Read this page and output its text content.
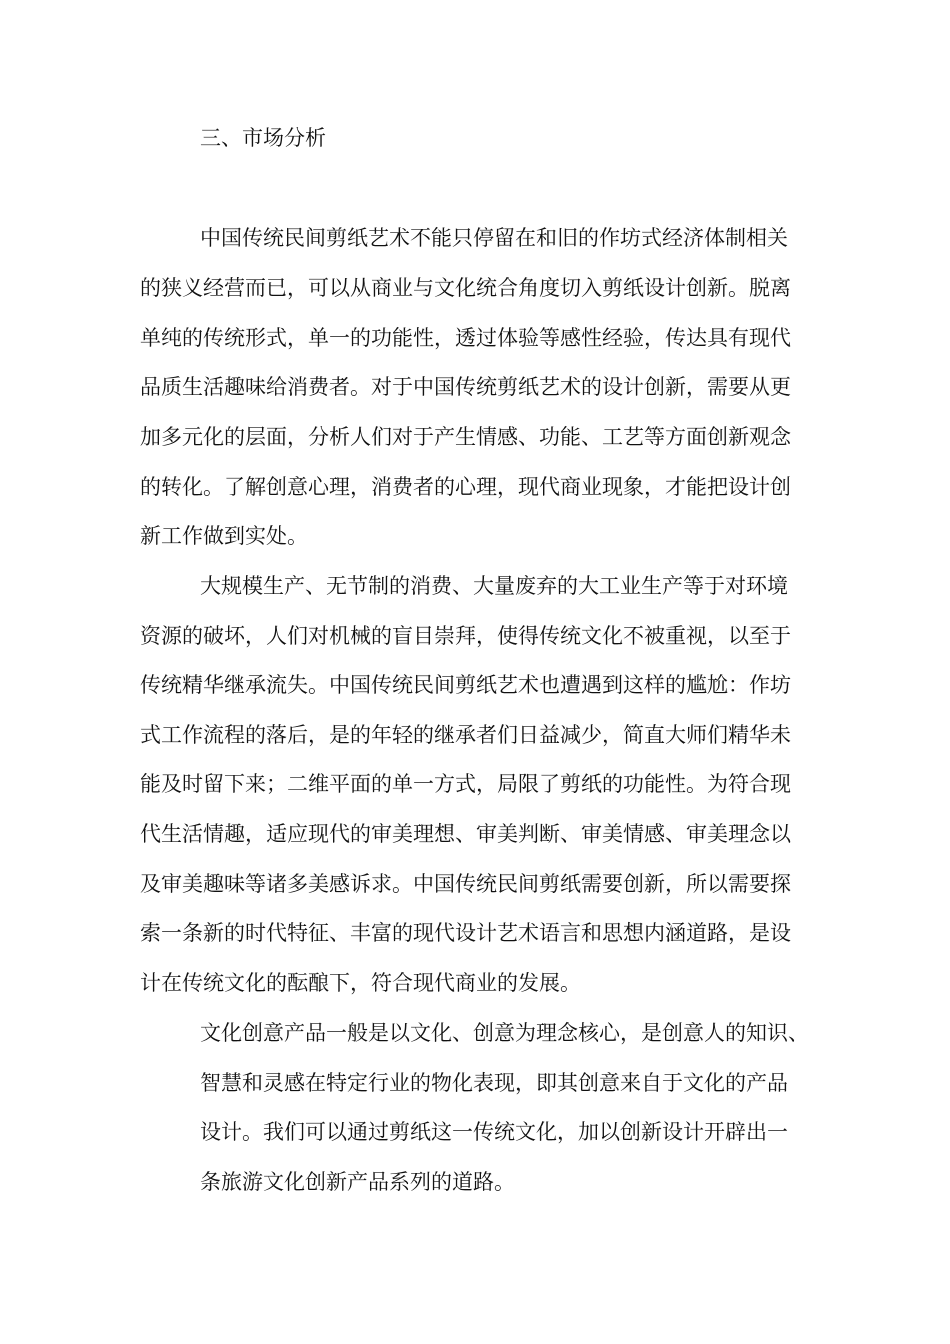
三、市场分析
中国传统民间剪纸艺术不能只停留在和旧的作坊式经济体制相关
的狭义经营而已，可以从商业与文化统合角度切入剪纸设计创新。脱离
单纯的传统形式，单一的功能性，透过体验等感性经验，传达具有现代
品质生活趣味给消费者。对于中国传统剪纸艺术的设计创新，需要从更
加多元化的层面，分析人们对于产生情感、功能、工艺等方面创新观念
的转化。了解创意心理，消费者的心理，现代商业现象，才能把设计创
新工作做到实处。
大规模生产、无节制的消费、大量废弃的大工业生产等于对环境
资源的破坏，人们对机械的盲目崇拜，使得传统文化不被重视，以至于
传统精华继承流失。中国传统民间剪纸艺术也遭遇到这样的尴尬：作坊
式工作流程的落后，是的年轻的继承者们日益减少，简直大师们精华未
能及时留下来；二维平面的单一方式，局限了剪纸的功能性。为符合现
代生活情趣，适应现代的审美理想、审美判断、审美情感、审美理念以
及审美趣味等诸多美感诉求。中国传统民间剪纸需要创新，所以需要探
索一条新的时代特征、丰富的现代设计艺术语言和思想内涵道路，是设
计在传统文化的酝酿下，符合现代商业的发展。
文化创意产品一般是以文化、创意为理念核心，是创意人的知识、
智慧和灵感在特定行业的物化表现，即其创意来自于文化的产品
设计。我们可以通过剪纸这一传统文化，加以创新设计开辟出一
条旅游文化创新产品系列的道路。
